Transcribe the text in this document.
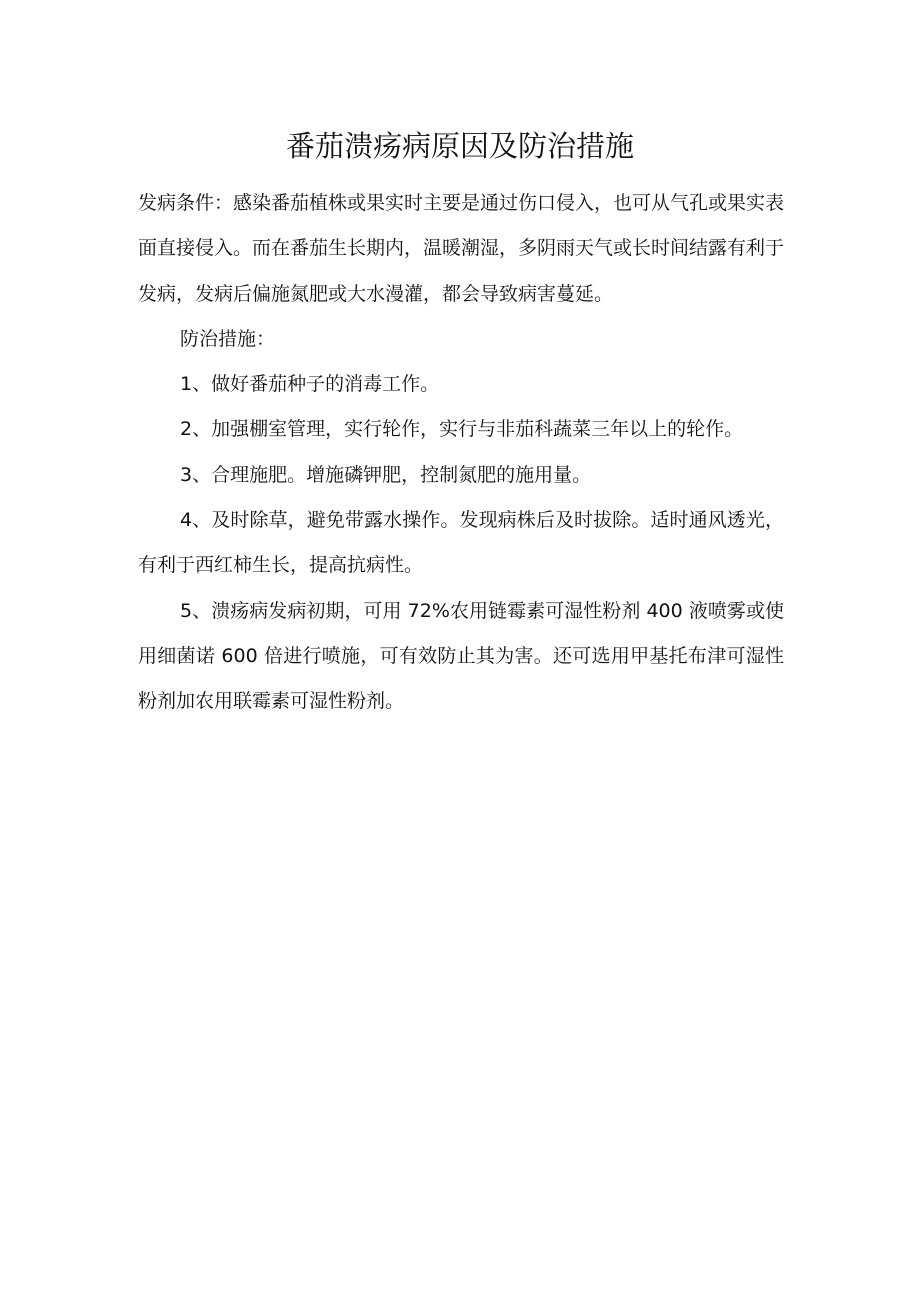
番茄溃疡病原因及防治措施

发病条件：感染番茄植株或果实时主要是通过伤口侵入，也可从气孔或果实表面直接侵入。而在番茄生长期内，温暖潮湿，多阴雨天气或长时间结露有利于发病，发病后偏施氮肥或大水漫灌，都会导致病害蔓延。

防治措施：

1、做好番茄种子的消毒工作。

2、加强棚室管理，实行轮作，实行与非茄科蔬菜三年以上的轮作。

3、合理施肥。增施磷钾肥，控制氮肥的施用量。

4、及时除草，避免带露水操作。发现病株后及时拔除。适时通风透光，有利于西红柿生长，提高抗病性。

5、溃疡病发病初期，可用 72%农用链霉素可湿性粉剂 400 液喷雾或使用细菌诺 600 倍进行喷施，可有效防止其为害。还可选用甲基托布津可湿性粉剂加农用联霉素可湿性粉剂。
